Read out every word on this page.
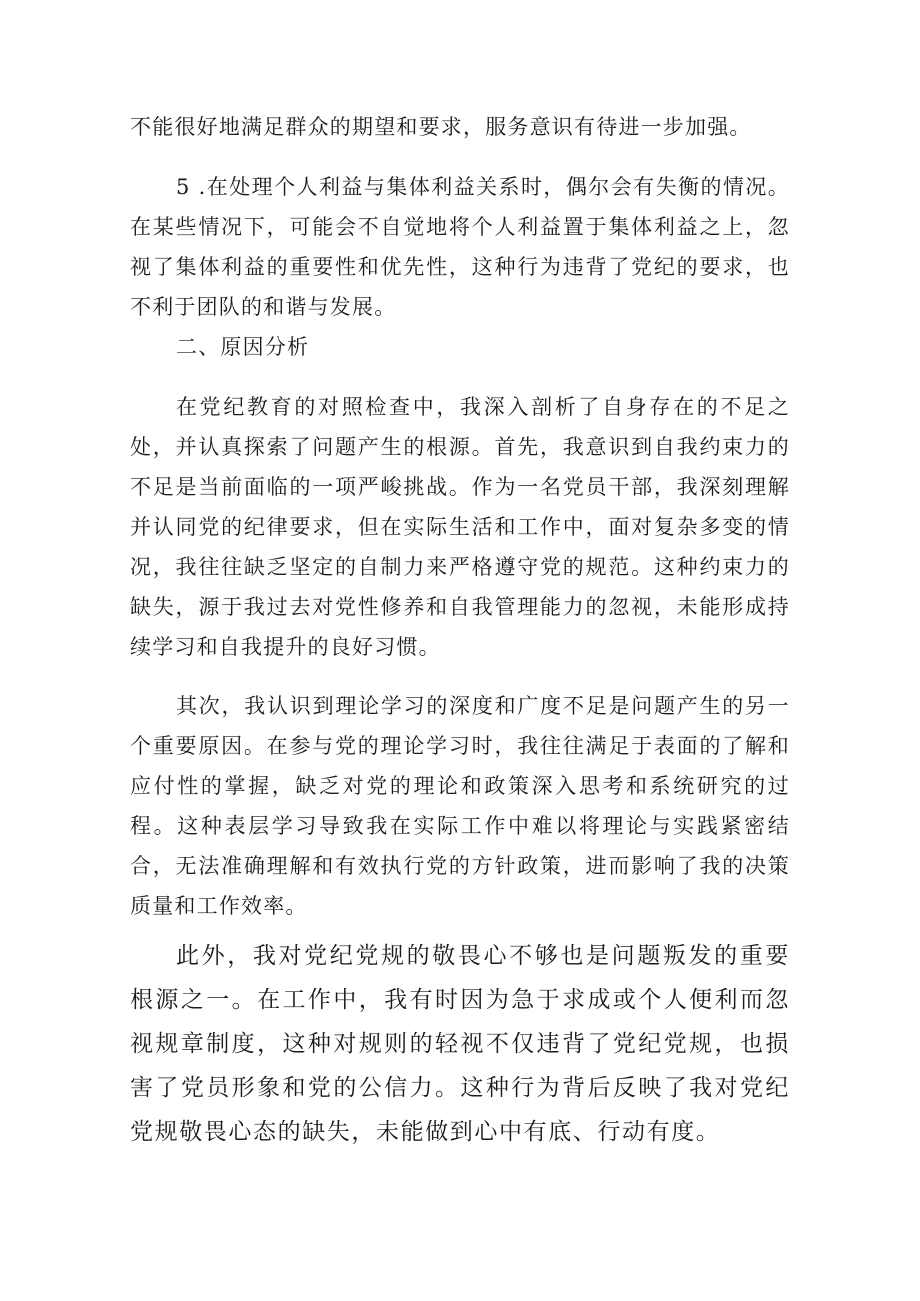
不能很好地满足群众的期望和要求，服务意识有待进一步加强。

5 .在处理个人利益与集体利益关系时，偶尔会有失衡的情况。在某些情况下，可能会不自觉地将个人利益置于集体利益之上，忽视了集体利益的重要性和优先性，这种行为违背了党纪的要求，也不利于团队的和谐与发展。

二、原因分析

在党纪教育的对照检查中，我深入剖析了自身存在的不足之处，并认真探索了问题产生的根源。首先，我意识到自我约束力的不足是当前面临的一项严峻挑战。作为一名党员干部，我深刻理解并认同党的纪律要求，但在实际生活和工作中，面对复杂多变的情况，我往往缺乏坚定的自制力来严格遵守党的规范。这种约束力的缺失，源于我过去对党性修养和自我管理能力的忽视，未能形成持续学习和自我提升的良好习惯。

其次，我认识到理论学习的深度和广度不足是问题产生的另一个重要原因。在参与党的理论学习时，我往往满足于表面的了解和应付性的掌握，缺乏对党的理论和政策深入思考和系统研究的过程。这种表层学习导致我在实际工作中难以将理论与实践紧密结合，无法准确理解和有效执行党的方针政策，进而影响了我的决策质量和工作效率。

此外，我对党纪党规的敬畏心不够也是问题叛发的重要根源之一。在工作中，我有时因为急于求成或个人便利而忽视规章制度，这种对规则的轻视不仅违背了党纪党规，也损害了党员形象和党的公信力。这种行为背后反映了我对党纪党规敬畏心态的缺失，未能做到心中有底、行动有度。
